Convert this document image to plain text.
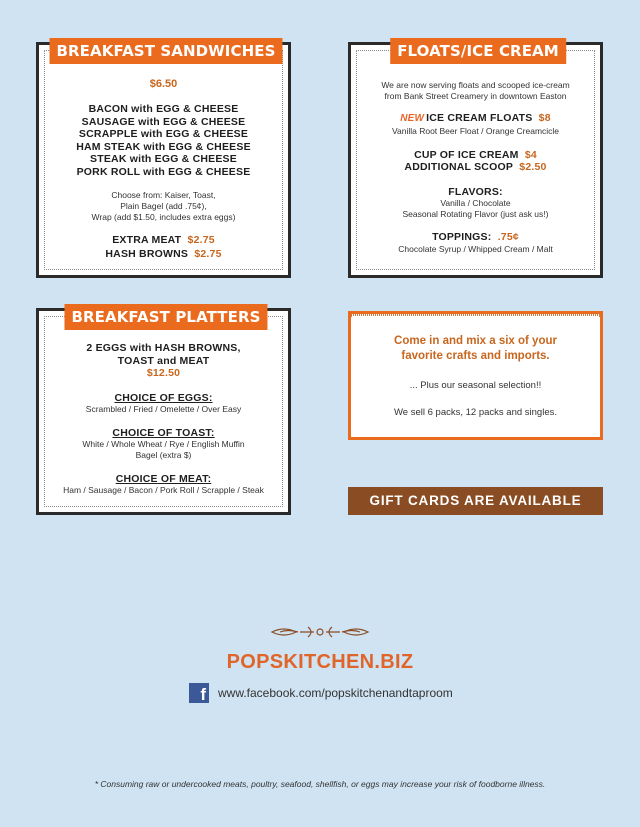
BREAKFAST SANDWICHES
$6.50
BACON with EGG & CHEESE
SAUSAGE with EGG & CHEESE
SCRAPPLE with EGG & CHEESE
HAM STEAK with EGG & CHEESE
STEAK with EGG & CHEESE
PORK ROLL with EGG & CHEESE
Choose from: Kaiser, Toast,
Plain Bagel (add .75¢),
Wrap (add $1.50, includes extra eggs)
EXTRA MEAT $2.75
HASH BROWNS $2.75
FLOATS/ICE CREAM
We are now serving floats and scooped ice-cream
from Bank Street Creamery in downtown Easton
NEW ICE CREAM FLOATS $8
Vanilla Root Beer Float / Orange Creamcicle
CUP OF ICE CREAM $4
ADDITIONAL SCOOP $2.50
FLAVORS:
Vanilla / Chocolate
Seasonal Rotating Flavor (just ask us!)
TOPPINGS: .75¢
Chocolate Syrup / Whipped Cream / Malt
BREAKFAST PLATTERS
2 EGGS with HASH BROWNS,
TOAST and MEAT
$12.50
CHOICE OF EGGS:
Scrambled / Fried / Omelette / Over Easy
CHOICE OF TOAST:
White / Whole Wheat / Rye / English Muffin
Bagel (extra $)
CHOICE OF MEAT:
Ham / Sausage / Bacon / Pork Roll / Scrapple / Steak
Come in and mix a six of your
favorite crafts and imports.
... Plus our seasonal selection!!
We sell 6 packs, 12 packs and singles.
GIFT CARDS ARE AVAILABLE
POPSKITCHEN.BIZ
f www.facebook.com/popskitchenandtaproom
* Consuming raw or undercooked meats, poultry, seafood, shellfish, or eggs may increase your risk of foodborne illness.
